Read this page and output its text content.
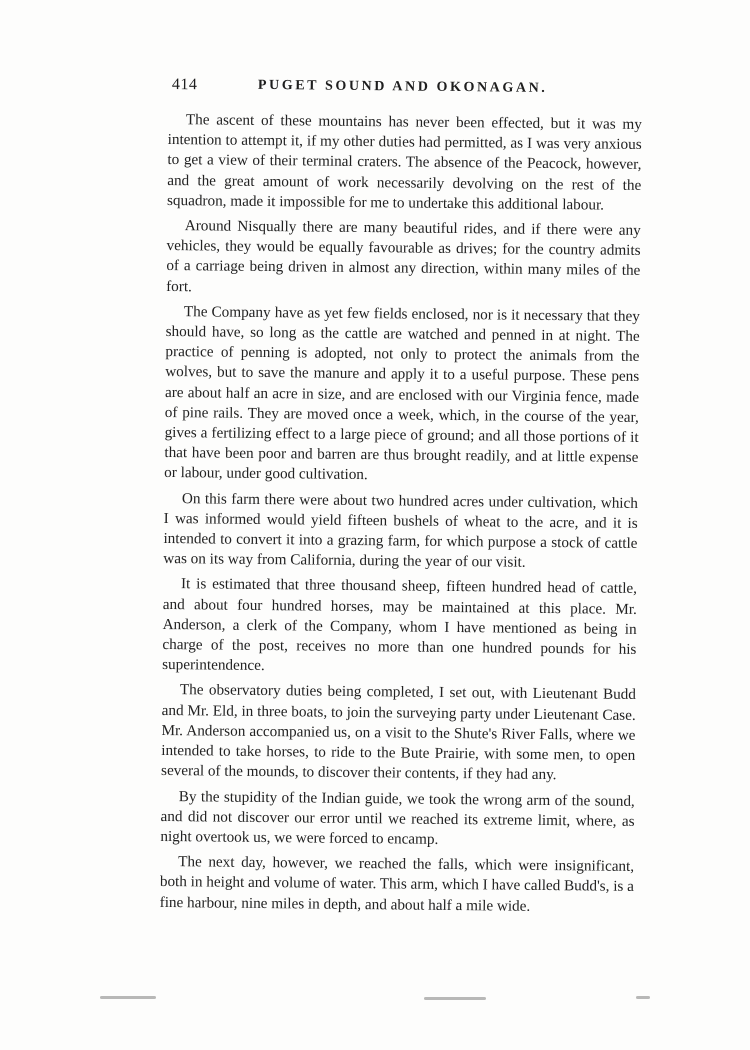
414	PUGET SOUND AND OKONAGAN.

The ascent of these mountains has never been effected, but it was my intention to attempt it, if my other duties had permitted, as I was very anxious to get a view of their terminal craters. The absence of the Peacock, however, and the great amount of work necessarily devolving on the rest of the squadron, made it impossible for me to undertake this additional labour.

Around Nisqually there are many beautiful rides, and if there were any vehicles, they would be equally favourable as drives; for the country admits of a carriage being driven in almost any direction, within many miles of the fort.

The Company have as yet few fields enclosed, nor is it necessary that they should have, so long as the cattle are watched and penned in at night. The practice of penning is adopted, not only to protect the animals from the wolves, but to save the manure and apply it to a useful purpose. These pens are about half an acre in size, and are enclosed with our Virginia fence, made of pine rails. They are moved once a week, which, in the course of the year, gives a fertilizing effect to a large piece of ground; and all those portions of it that have been poor and barren are thus brought readily, and at little expense or labour, under good cultivation.

On this farm there were about two hundred acres under cultivation, which I was informed would yield fifteen bushels of wheat to the acre, and it is intended to convert it into a grazing farm, for which purpose a stock of cattle was on its way from California, during the year of our visit.

It is estimated that three thousand sheep, fifteen hundred head of cattle, and about four hundred horses, may be maintained at this place. Mr. Anderson, a clerk of the Company, whom I have mentioned as being in charge of the post, receives no more than one hundred pounds for his superintendence.

The observatory duties being completed, I set out, with Lieutenant Budd and Mr. Eld, in three boats, to join the surveying party under Lieutenant Case. Mr. Anderson accompanied us, on a visit to the Shute's River Falls, where we intended to take horses, to ride to the Bute Prairie, with some men, to open several of the mounds, to discover their contents, if they had any.

By the stupidity of the Indian guide, we took the wrong arm of the sound, and did not discover our error until we reached its extreme limit, where, as night overtook us, we were forced to encamp.

The next day, however, we reached the falls, which were insignificant, both in height and volume of water. This arm, which I have called Budd's, is a fine harbour, nine miles in depth, and about half a mile wide.
